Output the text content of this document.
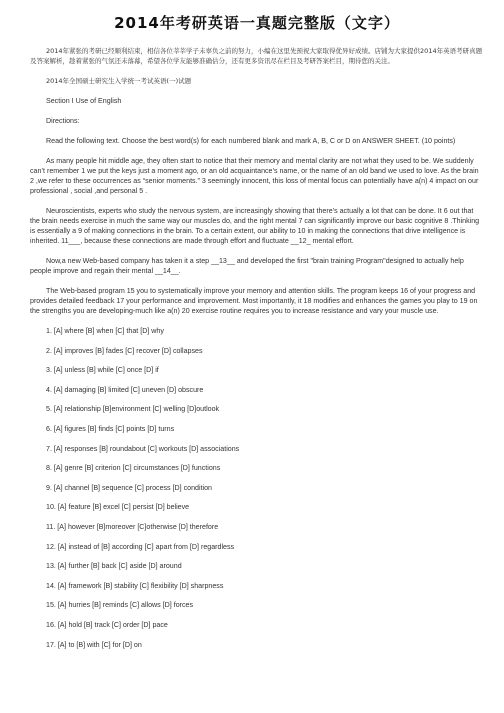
2014年考研英语一真题完整版（文字）

2014年紧张的考研已经顺利结束，相信各位莘莘学子未辜负之前的努力，小编在这里先预祝大家取得优异好成绩。店铺为大家提供2014年英语考研真题及答案解析，趁着紧张的气氛还未落幕，希望各位学友能够准确估分，还有更多资讯尽在栏目及考研答案栏目，期待您的关注。

2014年全国硕士研究生入学统一考试英语(一)试题

Section I Use of English

Directions:

Read the following text. Choose the best word(s) for each numbered blank and mark A, B, C or D on ANSWER SHEET. (10 points)

As many people hit middle age, they often start to notice that their memory and mental clarity are not what they used to be. We suddenly can’t remember 1 we put the keys just a moment ago, or an old acquaintance’s name, or the name of an old band we used to love. As the brain 2 ,we refer to these occurrences as “senior moments.” 3 seemingly innocent, this loss of mental focus can potentially have a(n) 4 impact on our professional , social ,and personal 5 .

Neuroscientists, experts who study the nervous system, are increasingly showing that there’s actually a lot that can be done. It 6 out that the brain needs exercise in much the same way our muscles do, and the right mental 7 can significantly improve our basic cognitive 8 .Thinking is essentially a 9 of making connections in the brain. To a certain extent, our ability to 10 in making the connections that drive intelligence is inherited. 11___, because these connections are made through effort and fluctuate __12_ mental effort.

Now,a new Web-based company has taken it a step __13__ and developed the first "brain training Program"designed to actually help people improve and regain their mental __14__.

The Web-based program 15 you to systematically improve your memory and attention skills. The program keeps 16 of your progress and provides detailed feedback 17 your performance and improvement. Most importantly, it 18 modifies and enhances the games you play to 19 on the strengths you are developing-much like a(n) 20 exercise routine requires you to increase resistance and vary your muscle use.

1. [A] where [B] when [C] that [D] why
2. [A] improves [B] fades [C] recover [D] collapses
3. [A] unless [B] while [C] once [D] if
4. [A] damaging [B] limited [C] uneven [D] obscure
5. [A] relationship [B]environment [C] welling [D]outlook
6. [A] figures [B] finds [C] points [D] turns
7. [A] responses [B] roundabout [C] workouts [D] associations
8. [A] genre [B] criterion [C] circumstances [D] functions
9. [A] channel [B] sequence [C] process [D] condition
10. [A] feature [B] excel [C] persist [D] believe
11. [A] however [B]moreover [C]otherwise [D] therefore
12. [A] instead of [B] according [C] apart from [D] regardless
13. [A] further [B] back [C] aside [D] around
14. [A] framework [B] stability [C] flexibility [D] sharpness
15. [A] hurries [B] reminds [C] allows [D] forces
16. [A] hold [B] track [C] order [D] pace
17. [A] to [B] with [C] for [D] on
